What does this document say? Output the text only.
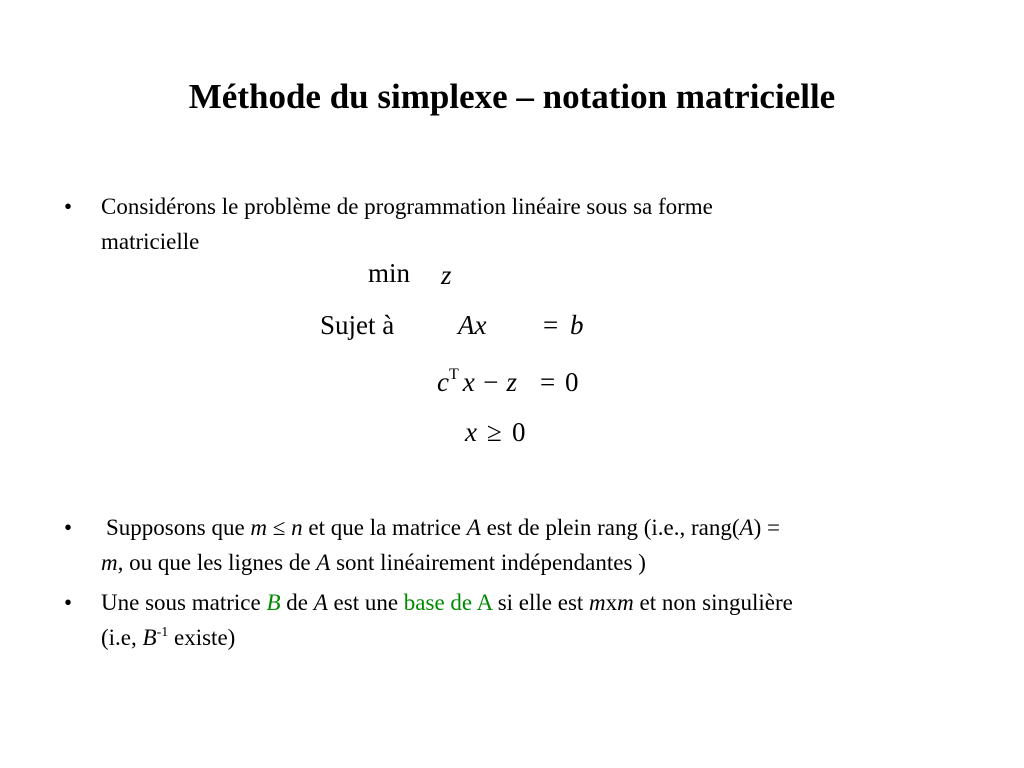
Méthode du simplexe – notation matricielle
• Considérons le problème de programmation linéaire sous sa forme
matricielle
min z
Sujet à Ax = b
$c^T$ x − z = 0
x ≥ 0
• Supposons que m ≤ n et que la matrice A est de plein rang (i.e., rang(A) =
m, ou que les lignes de A sont linéairement indépendantes )
• Une sous matrice B de A est une base de A si elle est mxm et non singulière
(i.e, $B^{-1}$ existe)
